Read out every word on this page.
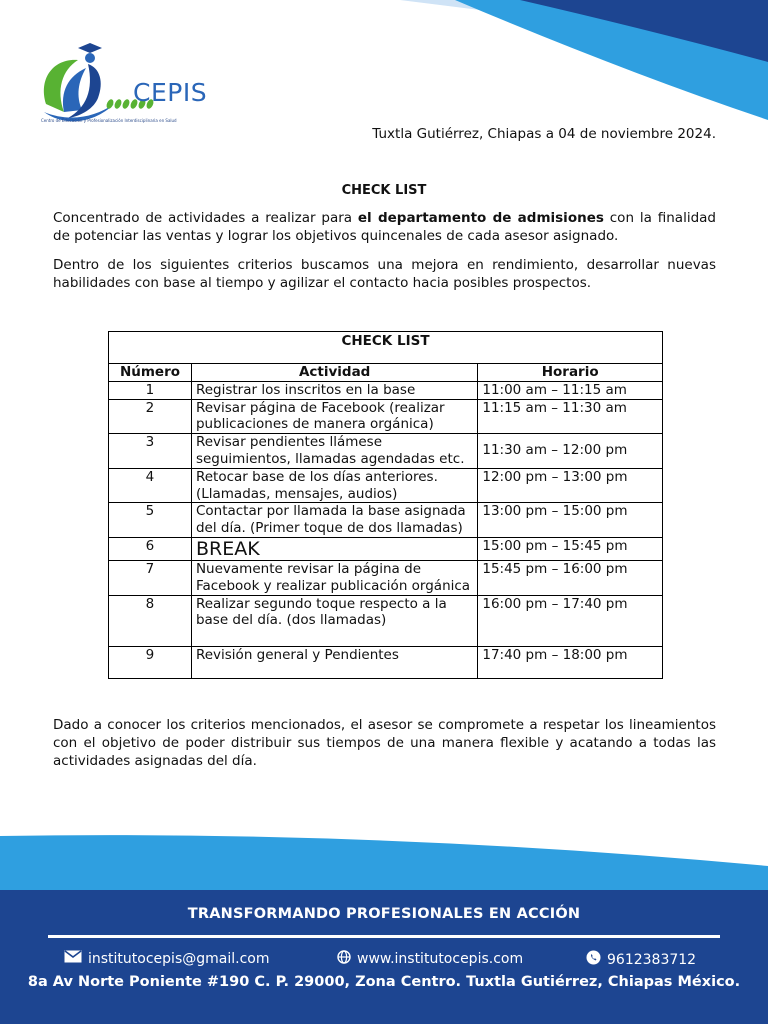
CEPIS
Centro de Educación y Profesionalización Interdisciplinaria en Salud
Tuxtla Gutiérrez, Chiapas a 04 de noviembre 2024.
CHECK LIST

Concentrado de actividades a realizar para el departamento de admisiones con la finalidad de potenciar las ventas y lograr los objetivos quincenales de cada asesor asignado.

Dentro de los siguientes criterios buscamos una mejora en rendimiento, desarrollar nuevas habilidades con base al tiempo y agilizar el contacto hacia posibles prospectos.

CHECK LIST		
Número	Actividad	Horario
1	Registrar los inscritos en la base	11:00 am – 11:15 am
2	Revisar página de Facebook (realizar publicaciones de manera orgánica)	11:15 am – 11:30 am
3	Revisar pendientes llámese seguimientos, llamadas agendadas etc.	11:30 am – 12:00 pm
4	Retocar base de los días anteriores. (Llamadas, mensajes, audios)	12:00 pm – 13:00 pm
5	Contactar por llamada la base asignada del día. (Primer toque de dos llamadas)	13:00 pm – 15:00 pm
6	BREAK	15:00 pm – 15:45 pm
7	Nuevamente revisar la página de Facebook y realizar publicación orgánica	15:45 pm – 16:00 pm
8	Realizar segundo toque respecto a la base del día. (dos llamadas)	16:00 pm – 17:40 pm
9	Revisión general y Pendientes	17:40 pm – 18:00 pm

Dado a conocer los criterios mencionados, el asesor se compromete a respetar los lineamientos con el objetivo de poder distribuir sus tiempos de una manera flexible y acatando a todas las actividades asignadas del día.

TRANSFORMANDO PROFESIONALES EN ACCIÓN
institutocepis@gmail.com	www.institutocepis.com	9612383712
8a Av Norte Poniente #190 C. P. 29000, Zona Centro. Tuxtla Gutiérrez, Chiapas México.
